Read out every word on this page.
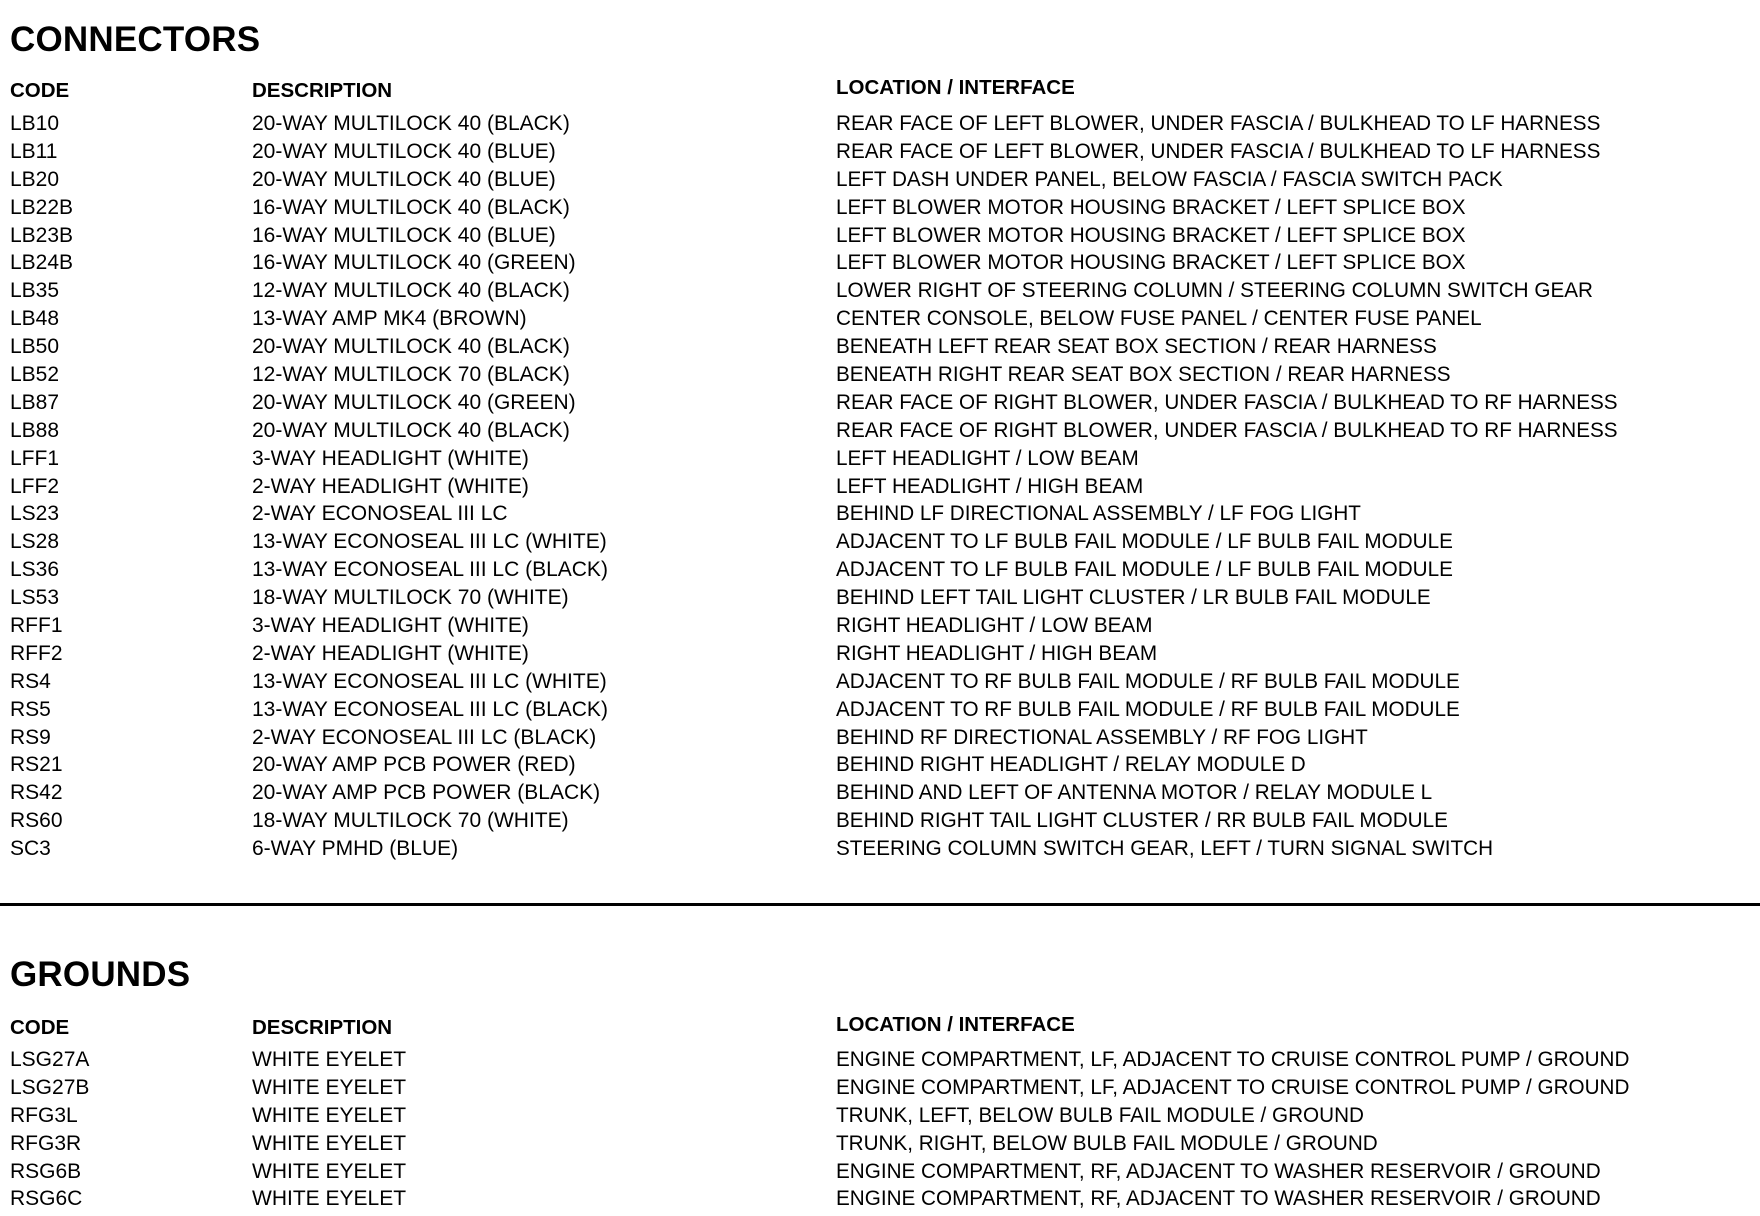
CONNECTORS
CODE	DESCRIPTION	LOCATION / INTERFACE
LB10	20-WAY MULTILOCK 40 (BLACK)	REAR FACE OF LEFT BLOWER, UNDER FASCIA / BULKHEAD TO LF HARNESS
LB11	20-WAY MULTILOCK 40 (BLUE)	REAR FACE OF LEFT BLOWER, UNDER FASCIA / BULKHEAD TO LF HARNESS
LB20	20-WAY MULTILOCK 40 (BLUE)	LEFT DASH UNDER PANEL, BELOW FASCIA / FASCIA SWITCH PACK
LB22B	16-WAY MULTILOCK 40 (BLACK)	LEFT BLOWER MOTOR HOUSING BRACKET / LEFT SPLICE BOX
LB23B	16-WAY MULTILOCK 40 (BLUE)	LEFT BLOWER MOTOR HOUSING BRACKET / LEFT SPLICE BOX
LB24B	16-WAY MULTILOCK 40 (GREEN)	LEFT BLOWER MOTOR HOUSING BRACKET / LEFT SPLICE BOX
LB35	12-WAY MULTILOCK 40 (BLACK)	LOWER RIGHT OF STEERING COLUMN / STEERING COLUMN SWITCH GEAR
LB48	13-WAY AMP MK4 (BROWN)	CENTER CONSOLE, BELOW FUSE PANEL / CENTER FUSE PANEL
LB50	20-WAY MULTILOCK 40 (BLACK)	BENEATH LEFT REAR SEAT BOX SECTION / REAR HARNESS
LB52	12-WAY MULTILOCK 70 (BLACK)	BENEATH RIGHT REAR SEAT BOX SECTION / REAR HARNESS
LB87	20-WAY MULTILOCK 40 (GREEN)	REAR FACE OF RIGHT BLOWER, UNDER FASCIA / BULKHEAD TO RF HARNESS
LB88	20-WAY MULTILOCK 40 (BLACK)	REAR FACE OF RIGHT BLOWER, UNDER FASCIA / BULKHEAD TO RF HARNESS
LFF1	3-WAY HEADLIGHT (WHITE)	LEFT HEADLIGHT / LOW BEAM
LFF2	2-WAY HEADLIGHT (WHITE)	LEFT HEADLIGHT / HIGH BEAM
LS23	2-WAY ECONOSEAL III LC	BEHIND LF DIRECTIONAL ASSEMBLY / LF FOG LIGHT
LS28	13-WAY ECONOSEAL III LC (WHITE)	ADJACENT TO LF BULB FAIL MODULE / LF BULB FAIL MODULE
LS36	13-WAY ECONOSEAL III LC (BLACK)	ADJACENT TO LF BULB FAIL MODULE / LF BULB FAIL MODULE
LS53	18-WAY MULTILOCK 70 (WHITE)	BEHIND LEFT TAIL LIGHT CLUSTER / LR BULB FAIL MODULE
RFF1	3-WAY HEADLIGHT (WHITE)	RIGHT HEADLIGHT / LOW BEAM
RFF2	2-WAY HEADLIGHT (WHITE)	RIGHT HEADLIGHT / HIGH BEAM
RS4	13-WAY ECONOSEAL III LC (WHITE)	ADJACENT TO RF BULB FAIL MODULE / RF BULB FAIL MODULE
RS5	13-WAY ECONOSEAL III LC (BLACK)	ADJACENT TO RF BULB FAIL MODULE / RF BULB FAIL MODULE
RS9	2-WAY ECONOSEAL III LC (BLACK)	BEHIND RF DIRECTIONAL ASSEMBLY / RF FOG LIGHT
RS21	20-WAY AMP PCB POWER (RED)	BEHIND RIGHT HEADLIGHT / RELAY MODULE D
RS42	20-WAY AMP PCB POWER (BLACK)	BEHIND AND LEFT OF ANTENNA MOTOR / RELAY MODULE L
RS60	18-WAY MULTILOCK 70 (WHITE)	BEHIND RIGHT TAIL LIGHT CLUSTER / RR BULB FAIL MODULE
SC3	6-WAY PMHD (BLUE)	STEERING COLUMN SWITCH GEAR, LEFT / TURN SIGNAL SWITCH
GROUNDS
CODE	DESCRIPTION	LOCATION / INTERFACE
LSG27A	WHITE EYELET	ENGINE COMPARTMENT, LF, ADJACENT TO CRUISE CONTROL PUMP / GROUND
LSG27B	WHITE EYELET	ENGINE COMPARTMENT, LF, ADJACENT TO CRUISE CONTROL PUMP / GROUND
RFG3L	WHITE EYELET	TRUNK, LEFT, BELOW BULB FAIL MODULE / GROUND
RFG3R	WHITE EYELET	TRUNK, RIGHT, BELOW BULB FAIL MODULE / GROUND
RSG6B	WHITE EYELET	ENGINE COMPARTMENT, RF, ADJACENT TO WASHER RESERVOIR / GROUND
RSG6C	WHITE EYELET	ENGINE COMPARTMENT, RF, ADJACENT TO WASHER RESERVOIR / GROUND
